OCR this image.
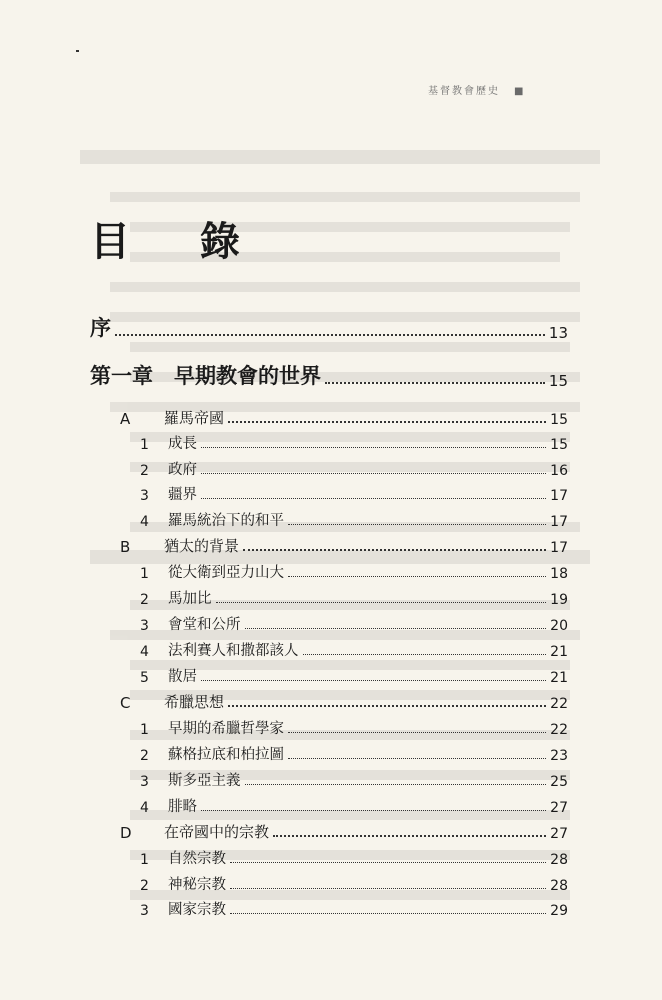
基督教會歷史 ■
目 錄
序	13
第一章　早期教會的世界	15
A	羅馬帝國	15
1	成長	15
2	政府	16
3	疆界	17
4	羅馬統治下的和平	17
B	猶太的背景	17
1	從大衛到亞力山大	18
2	馬加比	19
3	會堂和公所	20
4	法利賽人和撒都該人	21
5	散居	21
C	希臘思想	22
1	早期的希臘哲學家	22
2	蘇格拉底和柏拉圖	23
3	斯多亞主義	25
4	腓略	27
D	在帝國中的宗教	27
1	自然宗教	28
2	神秘宗教	28
3	國家宗教	29
